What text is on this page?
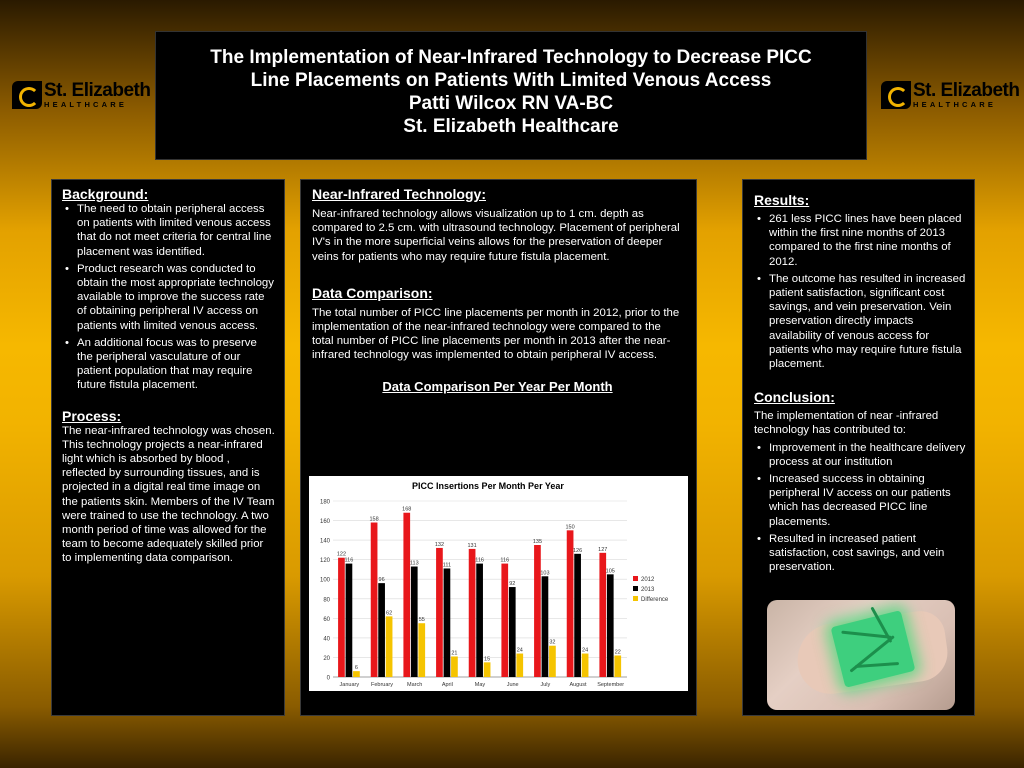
The Implementation of Near-Infrared Technology to Decrease PICC
Line Placements on Patients With Limited Venous Access
Patti Wilcox RN VA-BC
St. Elizabeth Healthcare
St. Elizabeth
HEALTHCARE
St. Elizabeth
HEALTHCARE
Background:
• The need to obtain peripheral access on patients with limited venous access that do not meet criteria for central line placement was identified.
• Product research was conducted to obtain the most appropriate technology available to improve the success rate of obtaining peripheral IV access on patients with limited venous access.
• An additional focus was to preserve the peripheral vasculature of our patient population that may require future fistula placement.
Process:

The near-infrared technology was chosen. This technology projects a near-infrared light which is absorbed by blood , reflected by surrounding tissues, and is projected in a digital real time image on the patients skin. Members of the IV Team were trained to use the technology. A two month period of time was allowed for the team to become adequately skilled prior to implementing data comparison.

Near-Infrared Technology:

Near-infrared technology allows visualization up to 1 cm. depth as compared to 2.5 cm. with ultrasound technology. Placement of peripheral IV's in the more superficial veins allows for the preservation of deeper veins for patients who may require future fistula placement.

Data Comparison:

The total number of PICC line placements per month in 2012, prior to the implementation of the near-infrared technology were compared to the total number of PICC line placements per month in 2013 after the near-infrared technology was implemented to obtain peripheral IV access.

Data Comparison Per Year Per Month
PICC Insertions Per Month Per Year
0
20
40
60
80
100
120
140
160
180
January
122
116
6
February
158
96
62
March
168
113
55
April
132
111
21
May
131
116
15
June
116
92
24
July
135
103
32
August
150
126
24
September
127
105
22
2012
2013
Difference
Results:
• 261 less PICC lines have been placed within the first nine months of 2013 compared to the first nine months of 2012.
• The outcome has resulted in increased patient satisfaction, significant cost savings, and vein preservation. Vein preservation directly impacts availability of venous access for patients who may require future fistula placement.
Conclusion:

The implementation of near -infrared technology has contributed to:

• Improvement in the healthcare delivery process at our institution
• Increased success in obtaining peripheral IV access on our patients which has decreased PICC line placements.
• Resulted in increased patient satisfaction, cost savings, and vein preservation.
